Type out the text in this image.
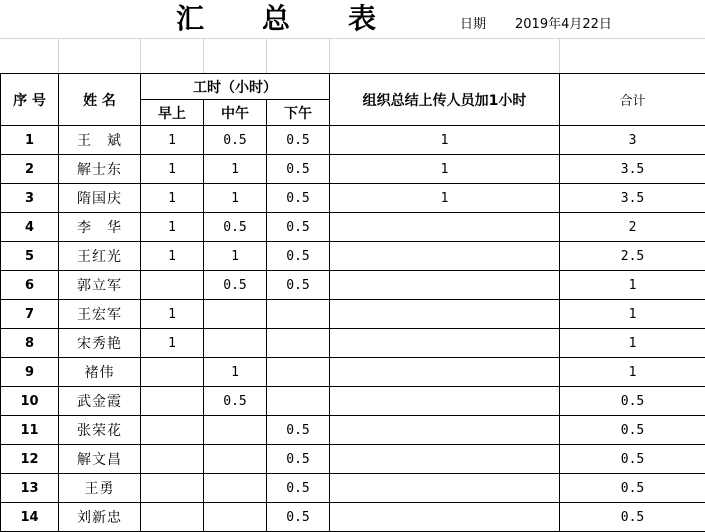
汇 总 表	日期 2019年4月22日
序 号	姓 名	工时（小时）			组织总结上传人员加1小时	合计
		早上	中午	下午		
1	王　斌	1	0.5	0.5	1	3
2	解士东	1	1	0.5	1	3.5
3	隋国庆	1	1	0.5	1	3.5
4	李　华	1	0.5	0.5		2
5	王红光	1	1	0.5		2.5
6	郭立军		0.5	0.5		1
7	王宏军	1				1
8	宋秀艳	1				1
9	褚伟		1			1
10	武金霞		0.5			0.5
11	张荣花			0.5		0.5
12	解文昌			0.5		0.5
13	王勇			0.5		0.5
14	刘新忠			0.5		0.5
